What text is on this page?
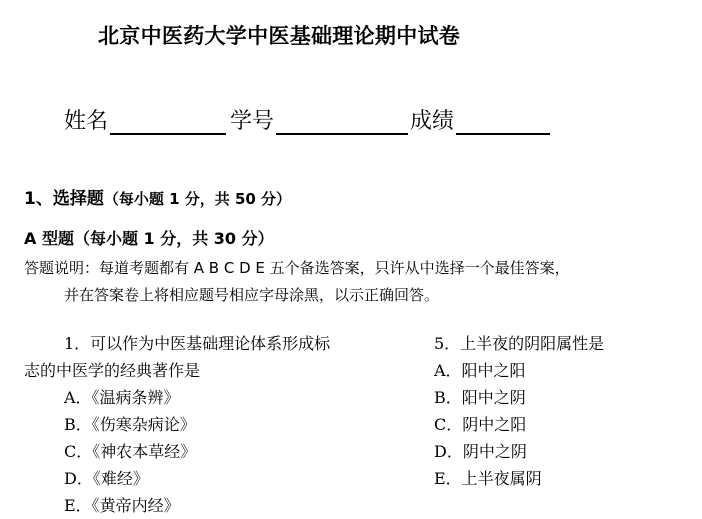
北京中医药大学中医基础理论期中试卷
姓名	学号	成绩
1、选择题（每小题 1 分，共 50 分）
A 型题（每小题 1 分，共 30 分）
答题说明：每道考题都有 A B C D E 五个备选答案，只许从中选择一个最佳答案，
并在答案卷上将相应题号相应字母涂黑，以示正确回答。
1．可以作为中医基础理论体系形成标
志的中医学的经典著作是
A．《温病条辨》
B．《伤寒杂病论》
C．《神农本草经》
D．《难经》
E．《黄帝内经》
5．上半夜的阴阳属性是
A．阳中之阳
B．阳中之阴
C．阴中之阳
D．阴中之阴
E．上半夜属阴
